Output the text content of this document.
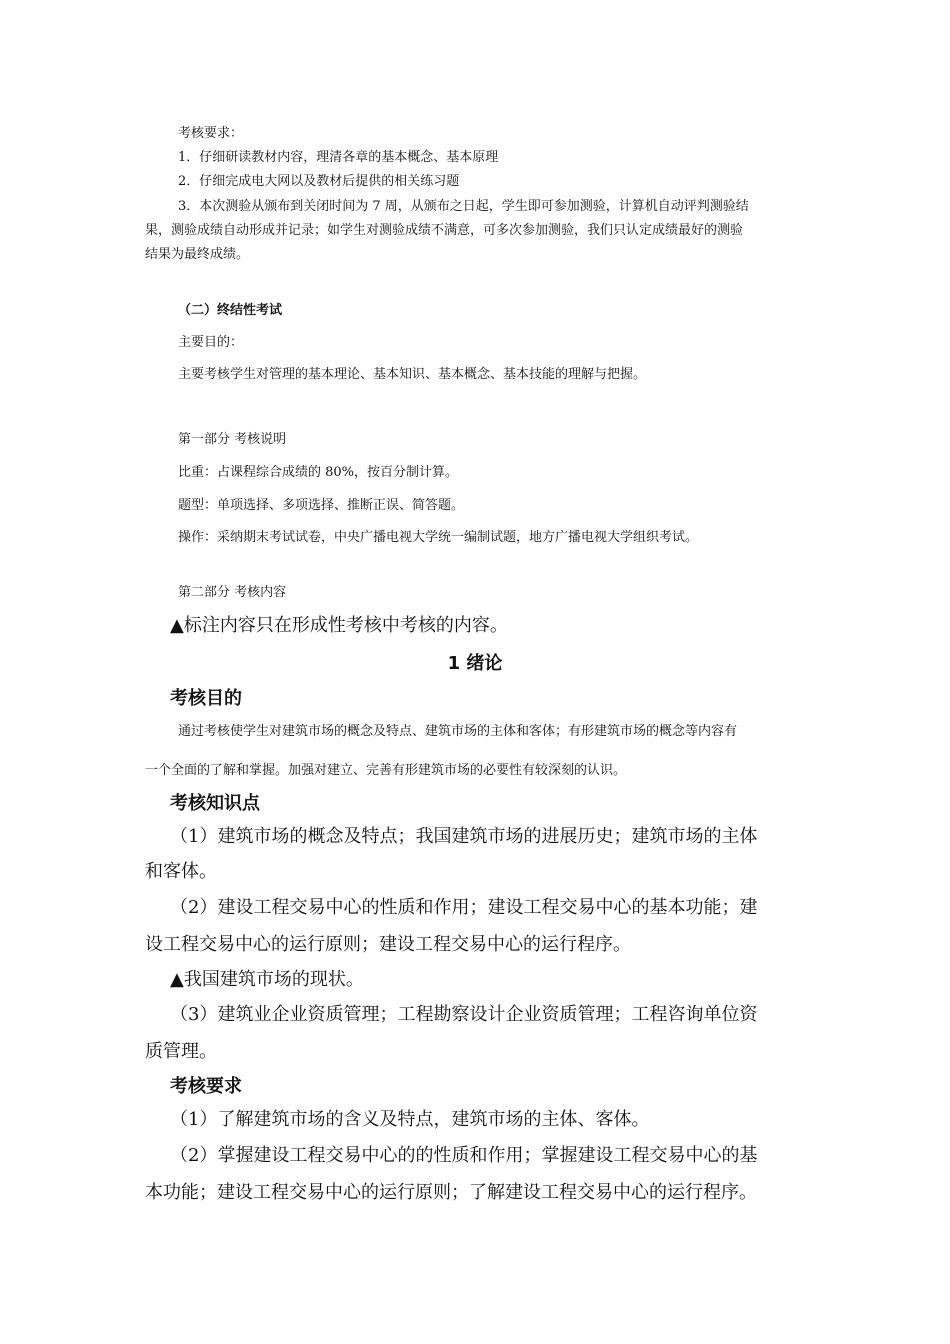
考核要求：
1．仔细研读教材内容，理清各章的基本概念、基本原理
2．仔细完成电大网以及教材后提供的相关练习题
3．本次测验从颁布到关闭时间为 7 周，从颁布之日起，学生即可参加测验，计算机自动评判测验结
果，测验成绩自动形成并记录；如学生对测验成绩不满意，可多次参加测验，我们只认定成绩最好的测验
结果为最终成绩。
（二）终结性考试
主要目的：
主要考核学生对管理的基本理论、基本知识、基本概念、基本技能的理解与把握。
第一部分 考核说明
比重：占课程综合成绩的 80%，按百分制计算。
题型：单项选择、多项选择、推断正误、简答题。
操作：采纳期末考试试卷，中央广播电视大学统一编制试题，地方广播电视大学组织考试。
第二部分 考核内容
▲标注内容只在形成性考核中考核的内容。
1 绪论
考核目的
通过考核使学生对建筑市场的概念及特点、建筑市场的主体和客体；有形建筑市场的概念等内容有
一个全面的了解和掌握。加强对建立、完善有形建筑市场的必要性有较深刻的认识。
考核知识点
（1）建筑市场的概念及特点；我国建筑市场的进展历史；建筑市场的主体
和客体。
（2）建设工程交易中心的性质和作用；建设工程交易中心的基本功能；建
设工程交易中心的运行原则；建设工程交易中心的运行程序。
▲我国建筑市场的现状。
（3）建筑业企业资质管理；工程勘察设计企业资质管理；工程咨询单位资
质管理。
考核要求
（1）了解建筑市场的含义及特点，建筑市场的主体、客体。
（2）掌握建设工程交易中心的的性质和作用；掌握建设工程交易中心的基
本功能；建设工程交易中心的运行原则；了解建设工程交易中心的运行程序。
